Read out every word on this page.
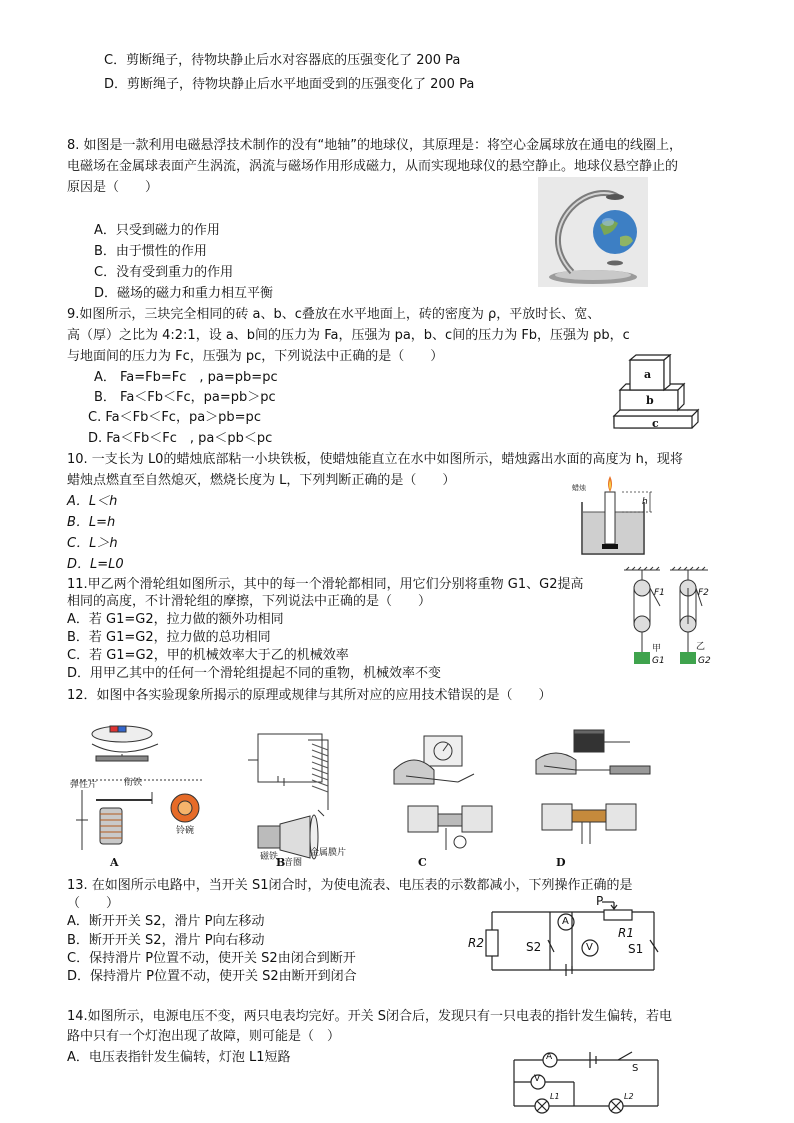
C．剪断绳子，待物块静止后水对容器底的压强变化了 200 Pa
D．剪断绳子，待物块静止后水平地面受到的压强变化了 200 Pa
8. 如图是一款利用电磁悬浮技术制作的没有“地轴”的地球仪，其原理是：将空心金属球放在通电的线圈上，
电磁场在金属球表面产生涡流，涡流与磁场作用形成磁力，从而实现地球仪的悬空静止。地球仪悬空静止的
原因是（　　）
A．只受到磁力的作用
B．由于惯性的作用
C．没有受到重力的作用
D．磁场的磁力和重力相互平衡
9.如图所示，三块完全相同的砖 a、b、c叠放在水平地面上，砖的密度为 ρ，平放时长、宽、
高（厚）之比为 4:2:1，设 a、b间的压力为 Fa，压强为 pa，b、c间的压力为 Fb，压强为 pb，c
与地面间的压力为 Fc，压强为 pc，下列说法中正确的是（　　）
A． Fa=Fb=Fc　, pa=pb=pc
B． Fa＜Fb＜Fc，pa=pb＞pc
C. Fa＜Fb＜Fc，pa＞pb=pc
D. Fa＜Fb＜Fc　, pa＜pb＜pc
a
b
c
10. 一支长为 L0的蜡烛底部粘一小块铁板，使蜡烛能直立在水中如图所示，蜡烛露出水面的高度为 h，现将
蜡烛点燃直至自然熄灭，燃烧长度为 L，下列判断正确的是（　　）
A．L＜h
B．L=h
C．L＞h
D．L=L0
蜡烛
h
11.甲乙两个滑轮组如图所示，其中的每一个滑轮都相同，用它们分别将重物 G1、G2提高
相同的高度，不计滑轮组的摩擦，下列说法中正确的是（　　）
A．若 G1=G2，拉力做的额外功相同
B．若 G1=G2，拉力做的总功相同
C．若 G1=G2，甲的机械效率大于乙的机械效率
D．用甲乙其中的任何一个滑轮组提起不同的重物，机械效率不变
F1	F2
甲	乙
G1	G2
12．如图中各实验现象所揭示的原理或规律与其所对应的应用技术错误的是（　　）
弹性片	衔铁
铃碗
磁铁
音圈
金属膜片
A	B	C	D
13. 在如图所示电路中，当开关 S1闭合时，为使电流表、电压表的示数都减小，下列操作正确的是
（　　）
A．断开开关 S2，滑片 P向左移动
B．断开开关 S2，滑片 P向右移动
C．保持滑片 P位置不动，使开关 S2由闭合到断开
D．保持滑片 P位置不动，使开关 S2由断开到闭合
P
R1
R2	S2	S1
A
V
14.如图所示，电源电压不变，两只电表均完好。开关 S闭合后，发现只有一只电表的指针发生偏转，若电
路中只有一个灯泡出现了故障，则可能是（　）
A．电压表指针发生偏转，灯泡 L1短路	A
V
S
L1	L2
